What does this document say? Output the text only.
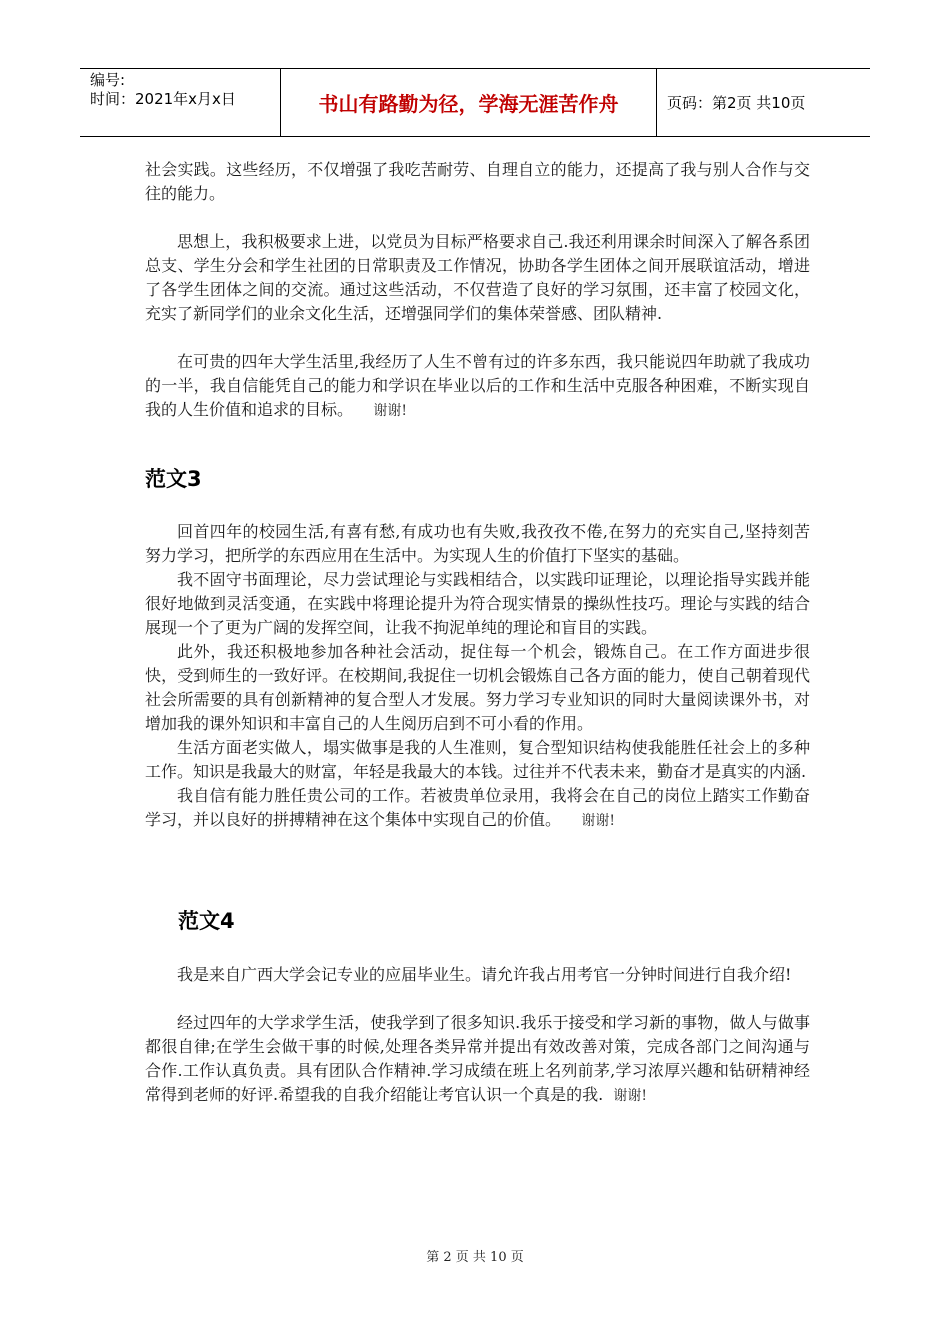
编号:
时间：2021年x月x日	书山有路勤为径，学海无涯苦作舟	页码：第2页 共10页

社会实践。这些经历，不仅增强了我吃苦耐劳、自理自立的能力，还提高了我与别人合作与交往的能力。

思想上，我积极要求上进，以党员为目标严格要求自己.我还利用课余时间深入了解各系团总支、学生分会和学生社团的日常职责及工作情况，协助各学生团体之间开展联谊活动，增进了各学生团体之间的交流。通过这些活动，不仅营造了良好的学习氛围，还丰富了校园文化，充实了新同学们的业余文化生活，还增强同学们的集体荣誉感、团队精神.

在可贵的四年大学生活里,我经历了人生不曾有过的许多东西，我只能说四年助就了我成功的一半，我自信能凭自己的能力和学识在毕业以后的工作和生活中克服各种困难，不断实现自我的人生价值和追求的目标。 谢谢!

范文3

回首四年的校园生活,有喜有愁,有成功也有失败,我孜孜不倦,在努力的充实自己,坚持刻苦努力学习，把所学的东西应用在生活中。为实现人生的价值打下坚实的基础。

我不固守书面理论，尽力尝试理论与实践相结合，以实践印证理论，以理论指导实践并能很好地做到灵活变通，在实践中将理论提升为符合现实情景的操纵性技巧。理论与实践的结合展现一个了更为广阔的发挥空间，让我不拘泥单纯的理论和盲目的实践。

此外，我还积极地参加各种社会活动，捉住每一个机会，锻炼自己。在工作方面进步很快，受到师生的一致好评。在校期间,我捉住一切机会锻炼自己各方面的能力，使自己朝着现代社会所需要的具有创新精神的复合型人才发展。努力学习专业知识的同时大量阅读课外书，对增加我的课外知识和丰富自己的人生阅历启到不可小看的作用。

生活方面老实做人，塌实做事是我的人生准则，复合型知识结构使我能胜任社会上的多种工作。知识是我最大的财富，年轻是我最大的本钱。过往并不代表未来，勤奋才是真实的内涵.

我自信有能力胜任贵公司的工作。若被贵单位录用，我将会在自己的岗位上踏实工作勤奋学习，并以良好的拼搏精神在这个集体中实现自己的价值。 谢谢!

范文4

我是来自广西大学会记专业的应届毕业生。请允许我占用考官一分钟时间进行自我介绍!

经过四年的大学求学生活，使我学到了很多知识.我乐于接受和学习新的事物，做人与做事都很自律;在学生会做干事的时候,处理各类异常并提出有效改善对策，完成各部门之间沟通与合作.工作认真负责。具有团队合作精神.学习成绩在班上名列前茅,学习浓厚兴趣和钻研精神经常得到老师的好评.希望我的自我介绍能让考官认识一个真是的我. 谢谢!

第 2 页 共 10 页
